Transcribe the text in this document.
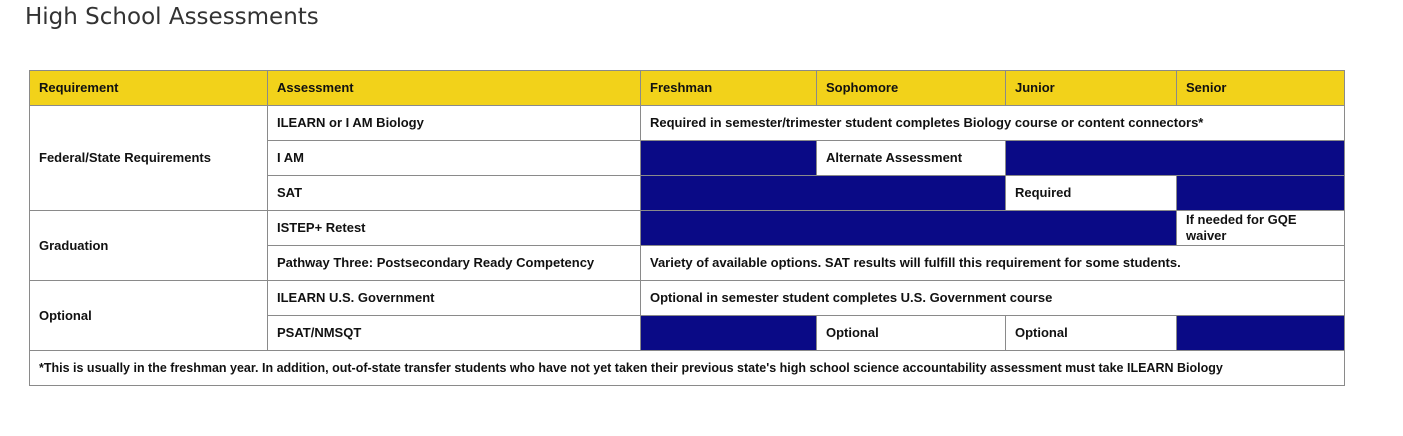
High School Assessments
Requirement	Assessment	Freshman	Sophomore	Junior	Senior
Federal/State Requirements	ILEARN or I AM Biology	Required in semester/trimester student completes Biology course or content connectors*			
	I AM		Alternate Assessment		
	SAT			Required	
Graduation	ISTEP+ Retest				If needed for GQE waiver
	Pathway Three: Postsecondary Ready Competency	Variety of available options. SAT results will fulfill this requirement for some students.			
Optional	ILEARN U.S. Government	Optional in semester student completes U.S. Government course			
	PSAT/NMSQT		Optional	Optional	
*This is usually in the freshman year. In addition, out-of-state transfer students who have not yet taken their previous state's high school science accountability assessment must take ILEARN Biology					
